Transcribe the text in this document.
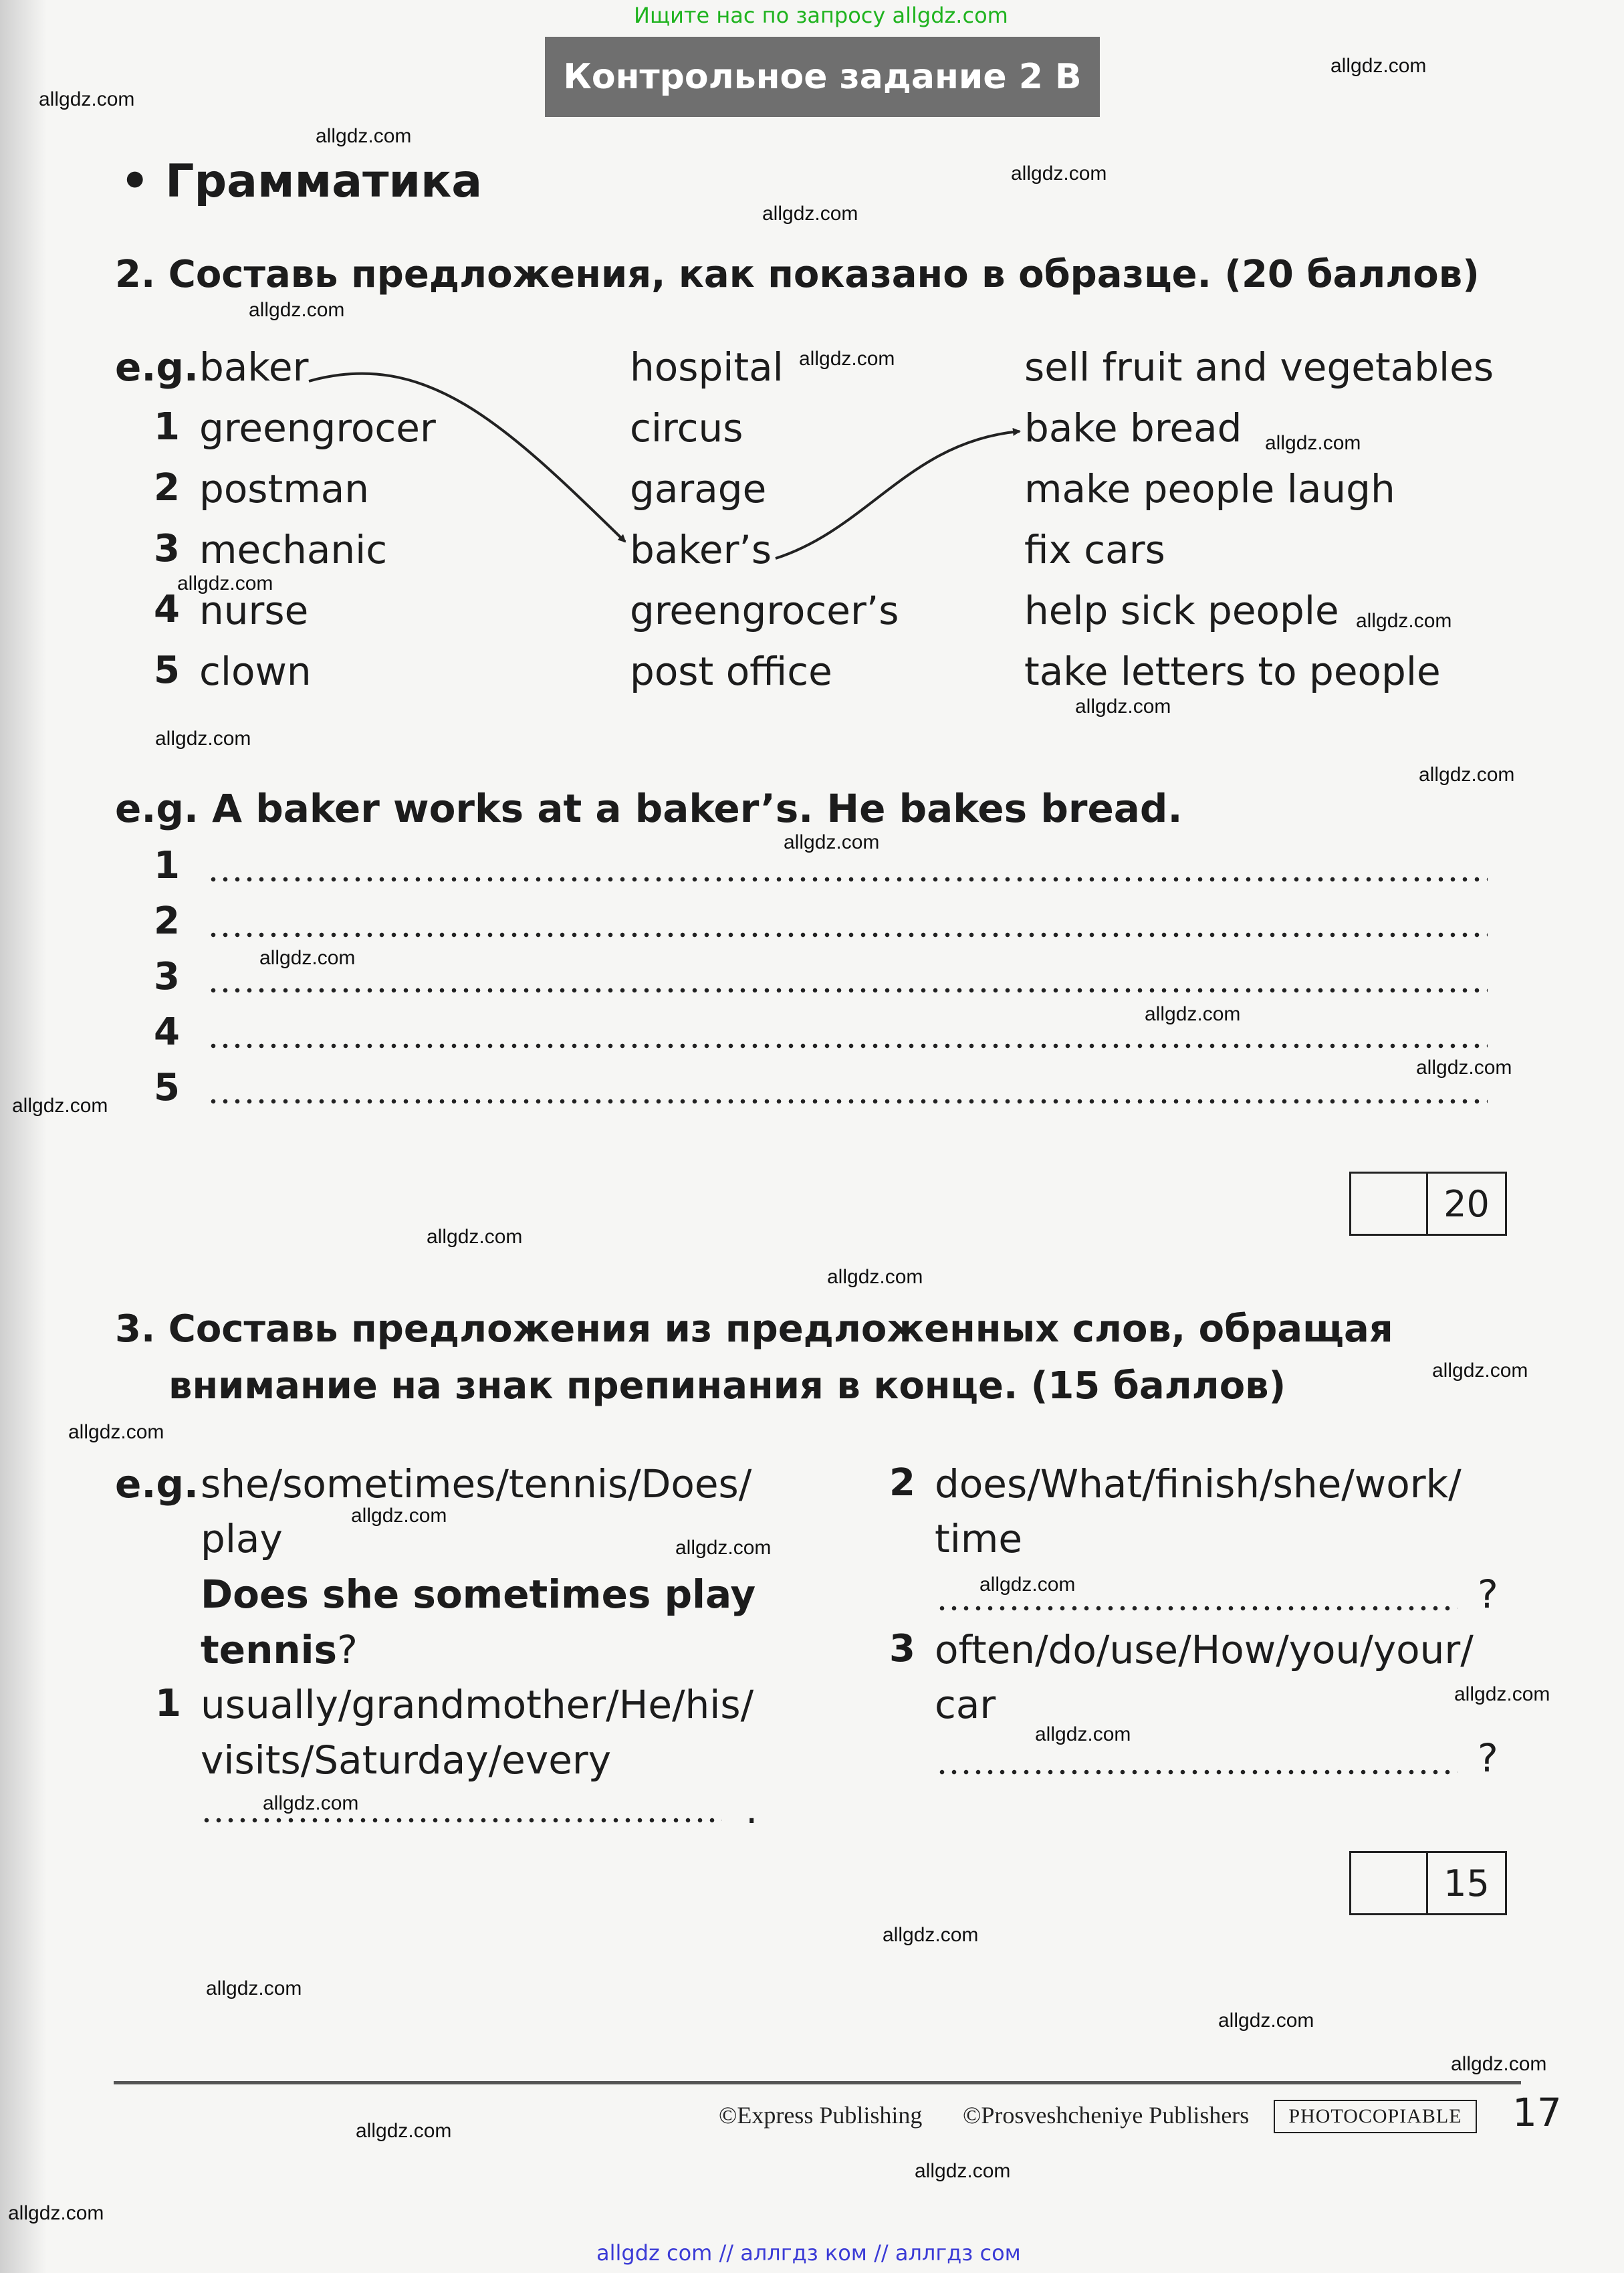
Ищите нас по запросу allgdz.com
Контрольное задание 2 B
• Грамматика
2. Составь предложения, как показано в образце. (20 баллов)
e.g. baker
1 greengrocer
2 postman
3 mechanic
4 nurse
5 clown
hospital
circus
garage
baker’s
greengrocer’s
post office
sell fruit and vegetables
bake bread
make people laugh
fix cars
help sick people
take letters to people
e.g. A baker works at a baker’s. He bakes bread.
1
2
3
4
5
20
3. Составь предложения из предложенных слов, обращая
внимание на знак препинания в конце. (15 баллов)
e.g. she/sometimes/tennis/Does/
play
Does she sometimes play
tennis?
1 usually/grandmother/He/his/
visits/Saturday/every
.
2 does/What/finish/she/work/
time
?
3 often/do/use/How/you/your/
car
?
15
©Express Publishing ©Prosveshcheniye Publishers	PHOTOCOPIABLE	17
allgdz.com
allgdz.com
allgdz.com
allgdz.com
allgdz.com
allgdz.com
allgdz.com
allgdz.com
allgdz.com
allgdz.com
allgdz.com
allgdz.com
allgdz.com
allgdz.com
allgdz.com
allgdz.com
allgdz.com
allgdz.com
allgdz.com
allgdz.com
allgdz.com
allgdz.com
allgdz.com
allgdz.com
allgdz.com
allgdz.com
allgdz.com
allgdz.com
allgdz.com
allgdz.com
allgdz.com
allgdz.com
allgdz.com
allgdz.com
allgdz.com
allgdz com // аллгдз ком // аллгдз сом
